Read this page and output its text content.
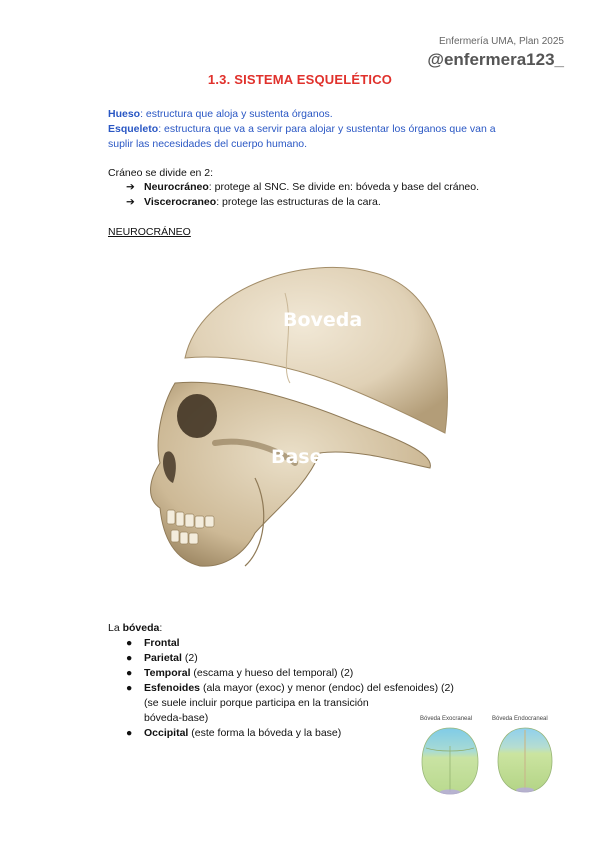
Enfermería UMA, Plan 2025
@enfermera123_
1.3. SISTEMA ESQUELÉTICO
Hueso: estructura que aloja y sustenta órganos.
Esqueleto: estructura que va a servir para alojar y sustentar los órganos que van a
suplir las necesidades del cuerpo humano.
Cráneo se divide en 2:
➔ Neurocráneo: protege al SNC. Se divide en: bóveda y base del cráneo.
➔ Viscerocraneo: protege las estructuras de la cara.
NEUROCRÁNEO
Boveda
Base
La bóveda:
● Frontal
● Parietal (2)
● Temporal (escama y hueso del temporal) (2)
● Esfenoides (ala mayor (exoc) y menor (endoc) del esfenoides) (2)
(se suele incluir porque participa en la transición
bóveda-base)
● Occipital (este forma la bóveda y la base)
Bóveda Exocraneal	Bóveda Endocraneal
